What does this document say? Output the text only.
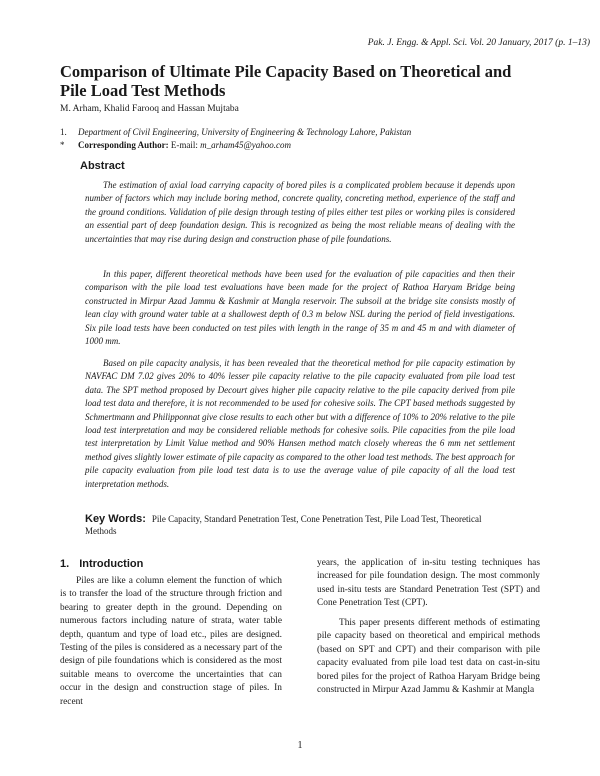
Pak. J. Engg. & Appl. Sci. Vol. 20 January, 2017 (p. 1–13)
Comparison of Ultimate Pile Capacity Based on Theoretical and Pile Load Test Methods
M. Arham, Khalid Farooq and Hassan Mujtaba
1. Department of Civil Engineering, University of Engineering & Technology Lahore, Pakistan
* Corresponding Author: E-mail: m_arham45@yahoo.com
Abstract

The estimation of axial load carrying capacity of bored piles is a complicated problem because it depends upon number of factors which may include boring method, concrete quality, concreting method, experience of the staff and the ground conditions. Validation of pile design through testing of piles either test piles or working piles is considered an essential part of deep foundation design. This is recognized as being the most reliable means of dealing with the uncertainties that may rise during design and construction phase of pile foundations.

In this paper, different theoretical methods have been used for the evaluation of pile capacities and then their comparison with the pile load test evaluations have been made for the project of Rathoa Haryam Bridge being constructed in Mirpur Azad Jammu & Kashmir at Mangla reservoir. The subsoil at the bridge site consists mostly of lean clay with ground water table at a shallowest depth of 0.3 m below NSL during the period of field investigations. Six pile load tests have been conducted on test piles with length in the range of 35 m and 45 m and with diameter of 1000 mm.

Based on pile capacity analysis, it has been revealed that the theoretical method for pile capacity estimation by NAVFAC DM 7.02 gives 20% to 40% lesser pile capacity relative to the pile capacity evaluated from pile load test data. The SPT method proposed by Decourt gives higher pile capacity relative to the pile capacity derived from pile load test data and therefore, it is not recommended to be used for cohesive soils. The CPT based methods suggested by Schmertmann and Philipponnat give close results to each other but with a difference of 10% to 20% relative to the pile load test interpretation and may be considered reliable methods for cohesive soils. Pile capacities from the pile load test interpretation by Limit Value method and 90% Hansen method match closely whereas the 6 mm net settlement method gives slightly lower estimate of pile capacity as compared to the other load test methods. The best approach for pile capacity evaluation from pile load test data is to use the average value of pile capacity of all the load test interpretation methods.

Key Words: Pile Capacity, Standard Penetration Test, Cone Penetration Test, Pile Load Test, Theoretical Methods
1. Introduction

Piles are like a column element the function of which is to transfer the load of the structure through friction and bearing to greater depth in the ground. Depending on numerous factors including nature of strata, water table depth, quantum and type of load etc., piles are designed. Testing of the piles is considered as a necessary part of the design of pile foundations which is considered as the most suitable means to overcome the uncertainties that can occur in the design and construction stage of piles. In recent

years, the application of in-situ testing techniques has increased for pile foundation design. The most commonly used in-situ tests are Standard Penetration Test (SPT) and Cone Penetration Test (CPT).

This paper presents different methods of estimating pile capacity based on theoretical and empirical methods (based on SPT and CPT) and their comparison with pile capacity evaluated from pile load test data on cast-in-situ bored piles for the project of Rathoa Haryam Bridge being constructed in Mirpur Azad Jammu & Kashmir at Mangla

1
